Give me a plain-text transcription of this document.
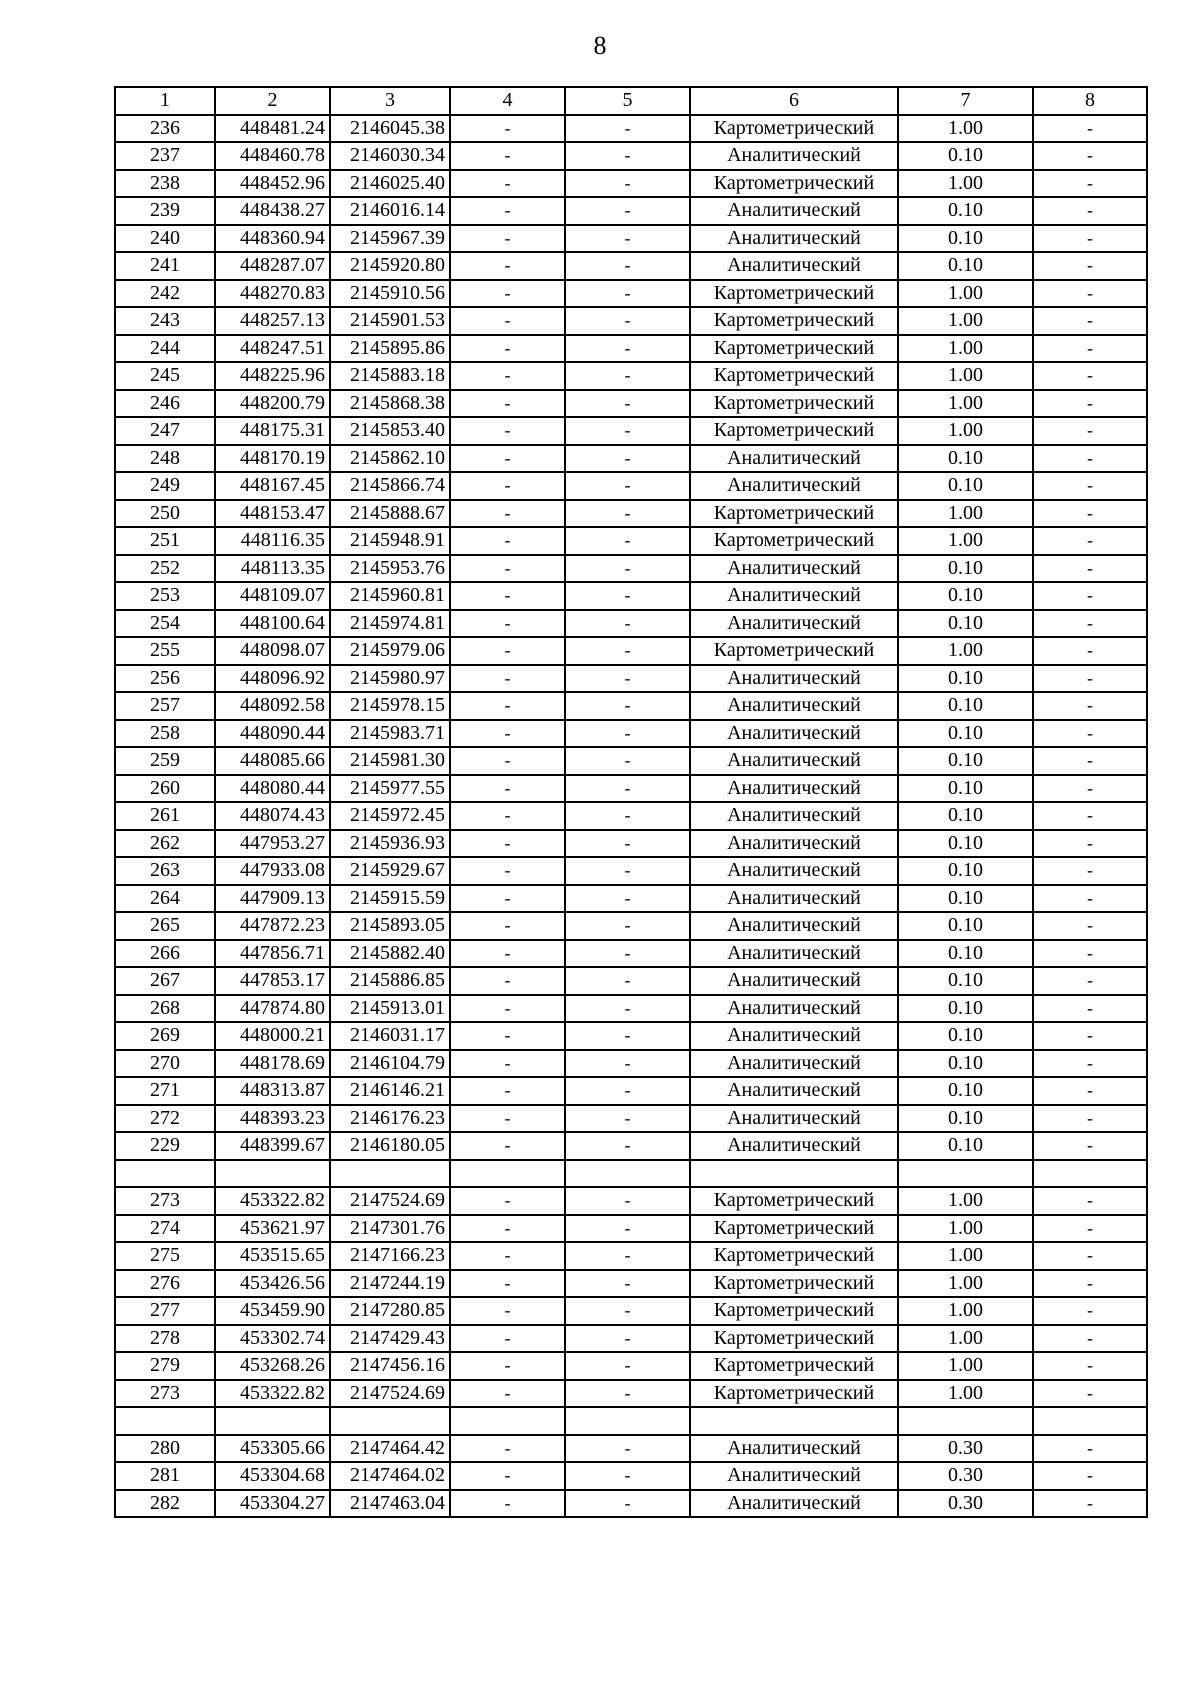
8
1	2	3	4	5	6	7	8
236	448481.24	2146045.38	-	-	Картометрический	1.00	-
237	448460.78	2146030.34	-	-	Аналитический	0.10	-
238	448452.96	2146025.40	-	-	Картометрический	1.00	-
239	448438.27	2146016.14	-	-	Аналитический	0.10	-
240	448360.94	2145967.39	-	-	Аналитический	0.10	-
241	448287.07	2145920.80	-	-	Аналитический	0.10	-
242	448270.83	2145910.56	-	-	Картометрический	1.00	-
243	448257.13	2145901.53	-	-	Картометрический	1.00	-
244	448247.51	2145895.86	-	-	Картометрический	1.00	-
245	448225.96	2145883.18	-	-	Картометрический	1.00	-
246	448200.79	2145868.38	-	-	Картометрический	1.00	-
247	448175.31	2145853.40	-	-	Картометрический	1.00	-
248	448170.19	2145862.10	-	-	Аналитический	0.10	-
249	448167.45	2145866.74	-	-	Аналитический	0.10	-
250	448153.47	2145888.67	-	-	Картометрический	1.00	-
251	448116.35	2145948.91	-	-	Картометрический	1.00	-
252	448113.35	2145953.76	-	-	Аналитический	0.10	-
253	448109.07	2145960.81	-	-	Аналитический	0.10	-
254	448100.64	2145974.81	-	-	Аналитический	0.10	-
255	448098.07	2145979.06	-	-	Картометрический	1.00	-
256	448096.92	2145980.97	-	-	Аналитический	0.10	-
257	448092.58	2145978.15	-	-	Аналитический	0.10	-
258	448090.44	2145983.71	-	-	Аналитический	0.10	-
259	448085.66	2145981.30	-	-	Аналитический	0.10	-
260	448080.44	2145977.55	-	-	Аналитический	0.10	-
261	448074.43	2145972.45	-	-	Аналитический	0.10	-
262	447953.27	2145936.93	-	-	Аналитический	0.10	-
263	447933.08	2145929.67	-	-	Аналитический	0.10	-
264	447909.13	2145915.59	-	-	Аналитический	0.10	-
265	447872.23	2145893.05	-	-	Аналитический	0.10	-
266	447856.71	2145882.40	-	-	Аналитический	0.10	-
267	447853.17	2145886.85	-	-	Аналитический	0.10	-
268	447874.80	2145913.01	-	-	Аналитический	0.10	-
269	448000.21	2146031.17	-	-	Аналитический	0.10	-
270	448178.69	2146104.79	-	-	Аналитический	0.10	-
271	448313.87	2146146.21	-	-	Аналитический	0.10	-
272	448393.23	2146176.23	-	-	Аналитический	0.10	-
229	448399.67	2146180.05	-	-	Аналитический	0.10	-

273	453322.82	2147524.69	-	-	Картометрический	1.00	-
274	453621.97	2147301.76	-	-	Картометрический	1.00	-
275	453515.65	2147166.23	-	-	Картометрический	1.00	-
276	453426.56	2147244.19	-	-	Картометрический	1.00	-
277	453459.90	2147280.85	-	-	Картометрический	1.00	-
278	453302.74	2147429.43	-	-	Картометрический	1.00	-
279	453268.26	2147456.16	-	-	Картометрический	1.00	-
273	453322.82	2147524.69	-	-	Картометрический	1.00	-

280	453305.66	2147464.42	-	-	Аналитический	0.30	-
281	453304.68	2147464.02	-	-	Аналитический	0.30	-
282	453304.27	2147463.04	-	-	Аналитический	0.30	-
